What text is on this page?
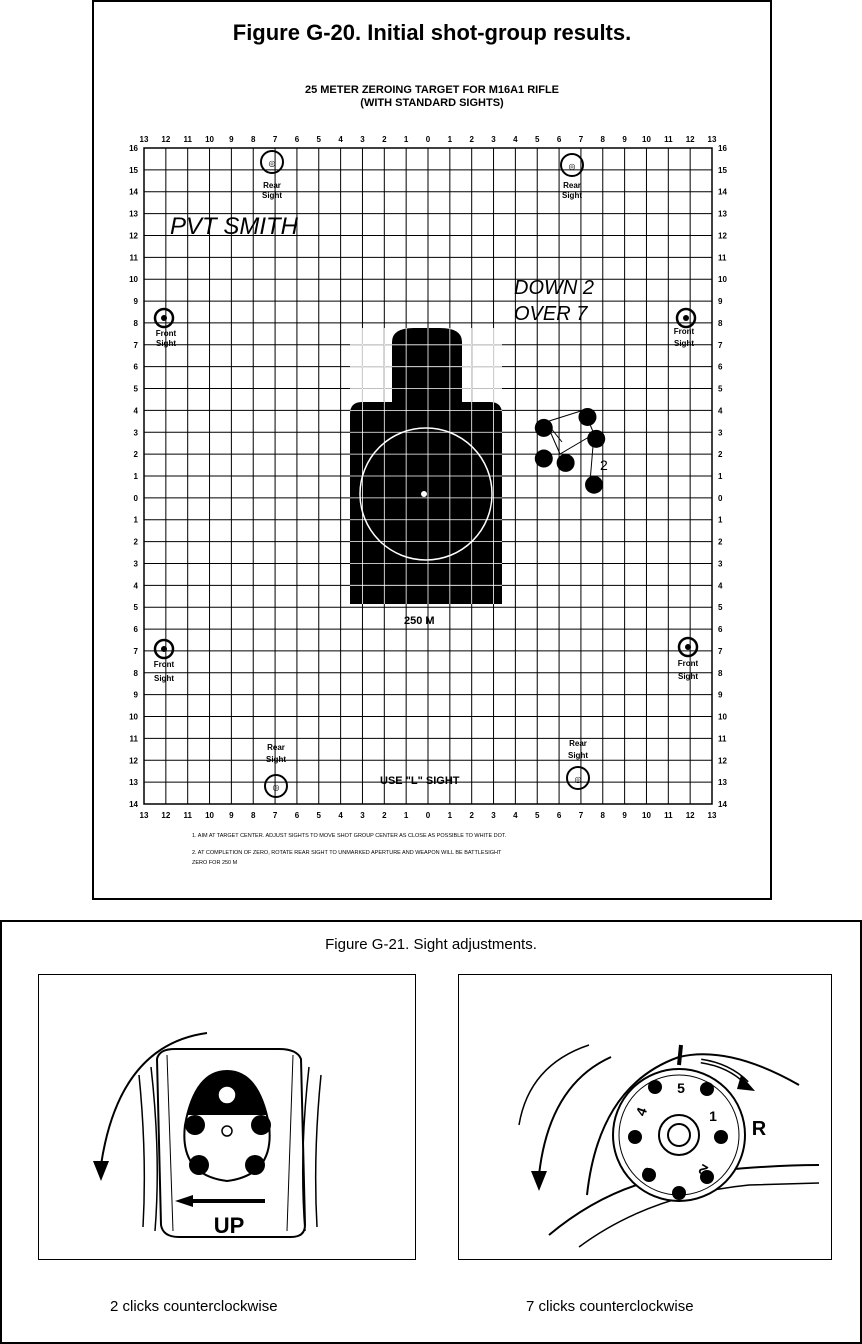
Figure G-20. Initial shot-group results.
25 METER ZEROING TARGET FOR M16A1 RIFLE
(WITH STANDARD SIGHTS)
13 12 11 10 9 8 7 6 5 4 3 2 1 0 1 2 3 4 5 6 7 8 9 10 11 12 13
13 12 11 10 9 8 7 6 5 4 3 2 1 0 1 2 3 4 5 6 7 8 9 10 11 12 13
16
15
14
13
12
11
10
9
8
7
6
5
4
3
2
1
0
1
2
3
4
5
6
7
8
9
10
11
12
13
14
16
15
14
13
12
11
10
9
8
7
6
5
4
3
2
1
0
1
2
3
4
5
6
7
8
9
10
11
12
13
14
◎
Rear
Sight
◎
Rear
Sight
Front
Sight
Front
Sight
Front
Sight
Front
Sight
Rear
Sight
◎
Rear
Sight
◎
PVT SMITH
DOWN 2
OVER 7
2
250 M
USE "L" SIGHT
1. AIM AT TARGET CENTER. ADJUST SIGHTS TO MOVE SHOT GROUP CENTER AS CLOSE AS POSSIBLE TO WHITE DOT.
2. AT COMPLETION OF ZERO, ROTATE REAR SIGHT TO UNMARKED APERTURE AND WEAPON WILL BE BATTLESIGHT
ZERO FOR 250 M
Figure G-21. Sight adjustments.
UP
5
1
2
3
4
R
2 clicks counterclockwise	7 clicks counterclockwise
